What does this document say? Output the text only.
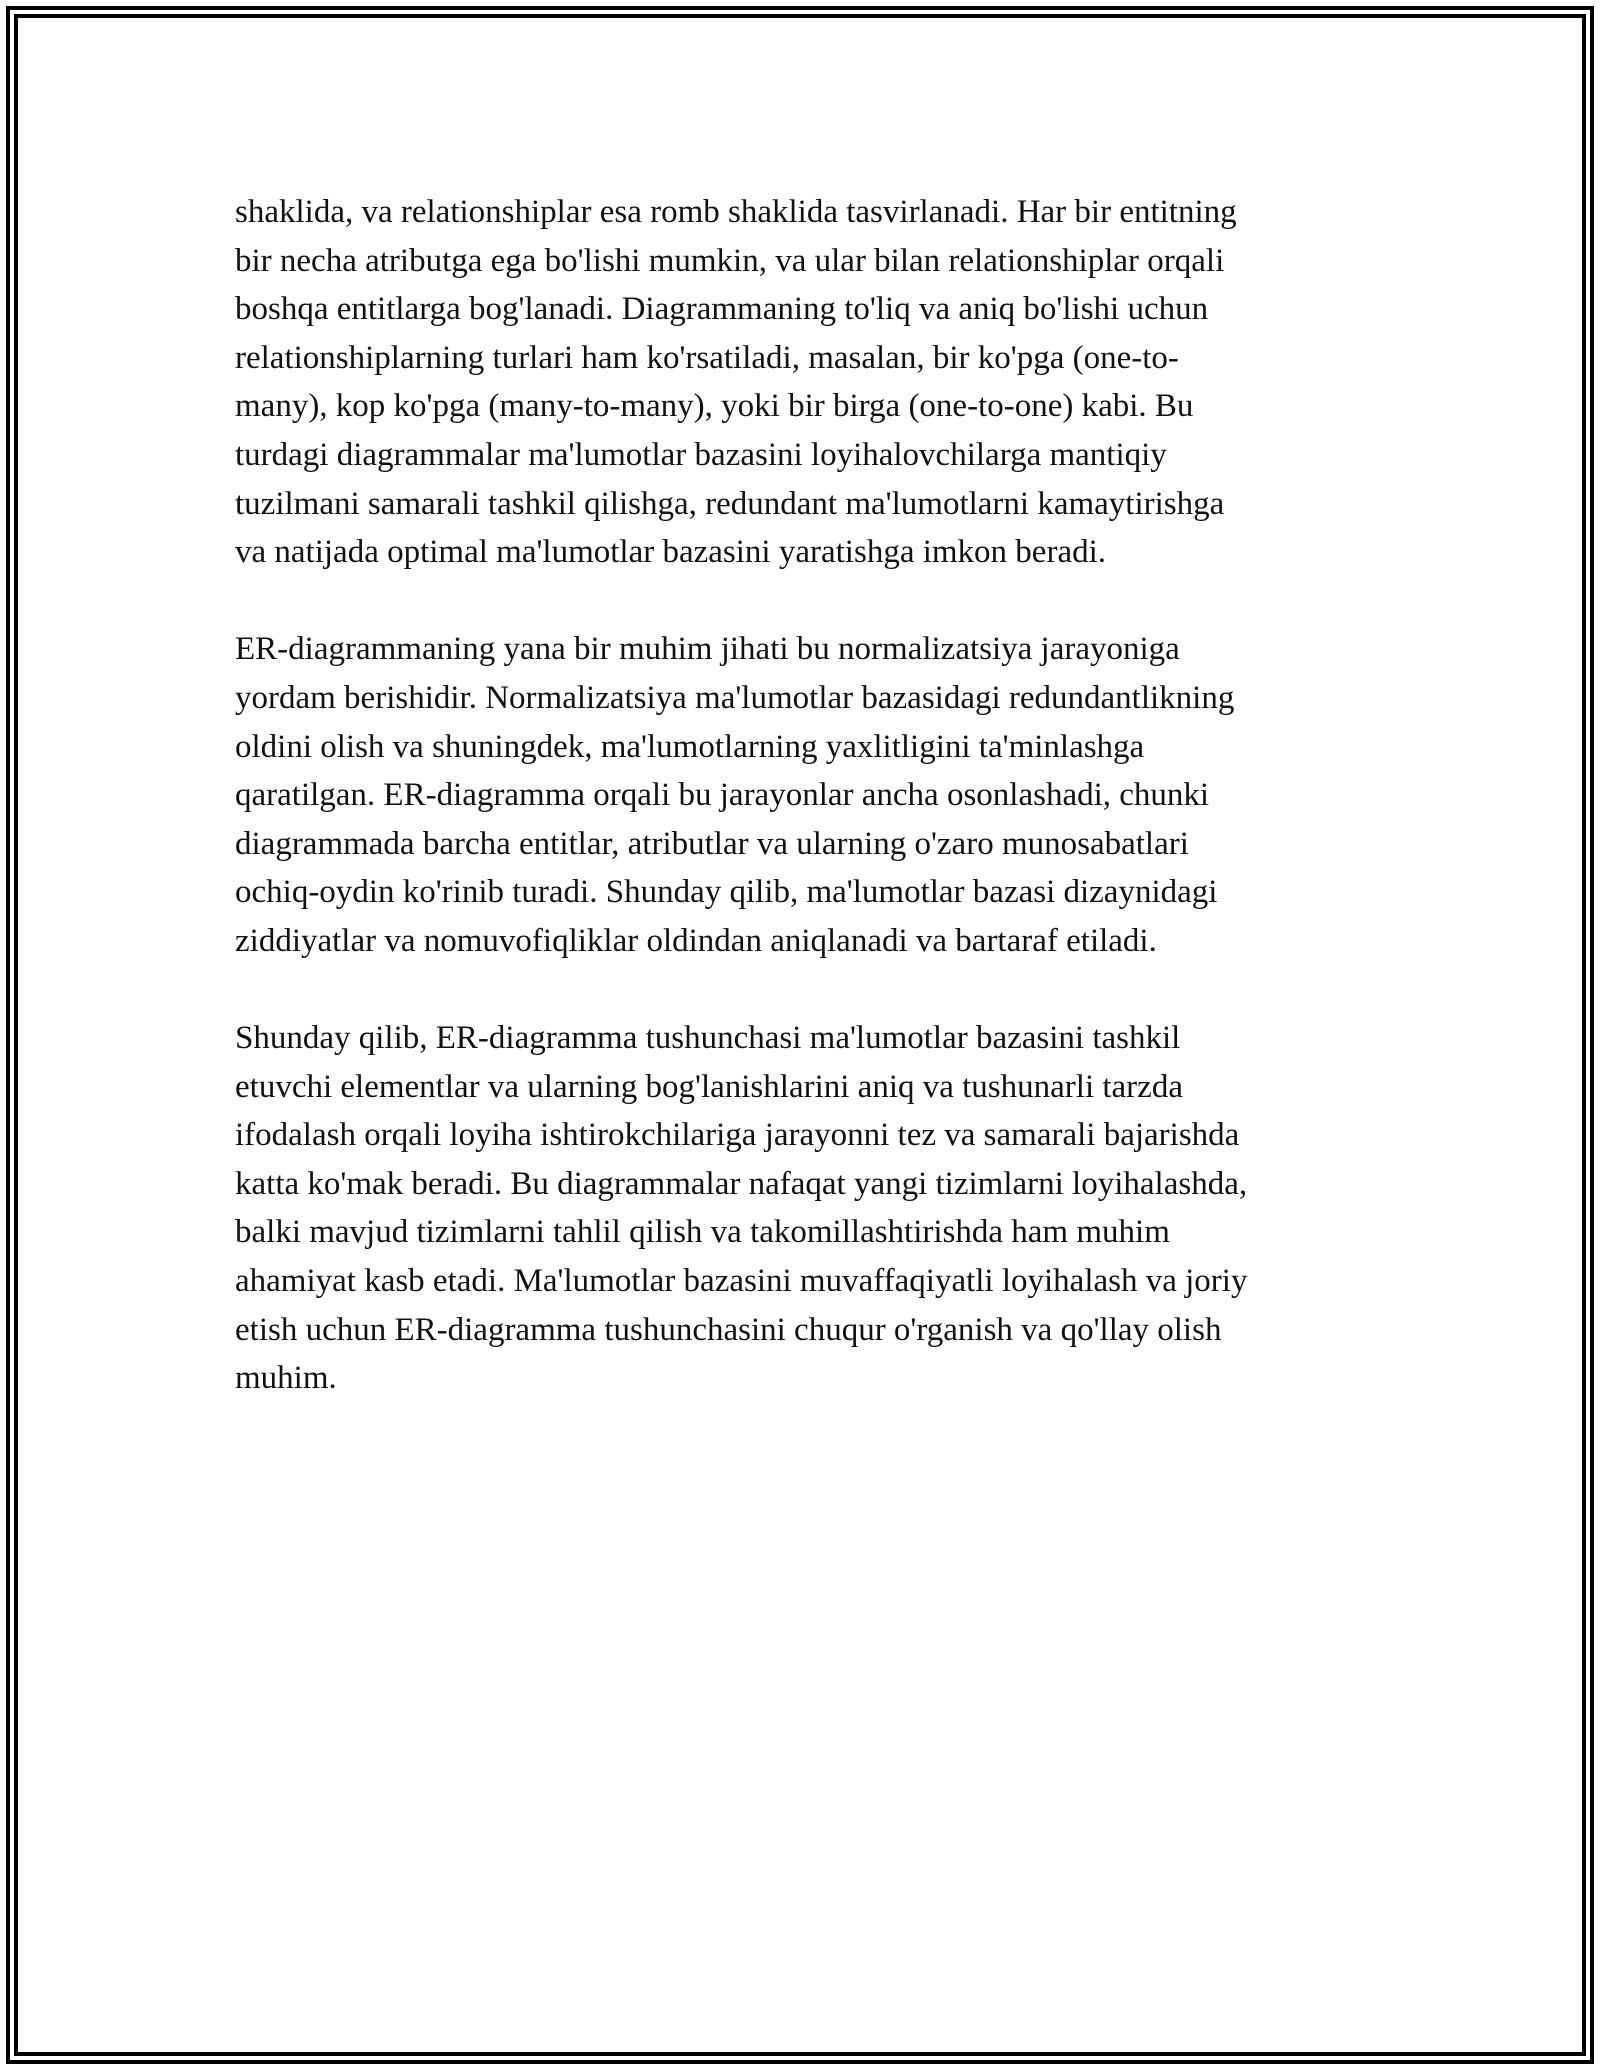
shaklida, va relationshiplar esa romb shaklida tasvirlanadi. Har bir entitning
bir necha atributga ega bo'lishi mumkin, va ular bilan relationshiplar orqali
boshqa entitlarga bog'lanadi. Diagrammaning to'liq va aniq bo'lishi uchun
relationshiplarning turlari ham ko'rsatiladi, masalan, bir ko'pga (one-to-
many), kop ko'pga (many-to-many), yoki bir birga (one-to-one) kabi. Bu
turdagi diagrammalar ma'lumotlar bazasini loyihalovchilarga mantiqiy
tuzilmani samarali tashkil qilishga, redundant ma'lumotlarni kamaytirishga
va natijada optimal ma'lumotlar bazasini yaratishga imkon beradi.

ER-diagrammaning yana bir muhim jihati bu normalizatsiya jarayoniga
yordam berishidir. Normalizatsiya ma'lumotlar bazasidagi redundantlikning
oldini olish va shuningdek, ma'lumotlarning yaxlitligini ta'minlashga
qaratilgan. ER-diagramma orqali bu jarayonlar ancha osonlashadi, chunki
diagrammada barcha entitlar, atributlar va ularning o'zaro munosabatlari
ochiq-oydin ko'rinib turadi. Shunday qilib, ma'lumotlar bazasi dizaynidagi
ziddiyatlar va nomuvofiqliklar oldindan aniqlanadi va bartaraf etiladi.

Shunday qilib, ER-diagramma tushunchasi ma'lumotlar bazasini tashkil
etuvchi elementlar va ularning bog'lanishlarini aniq va tushunarli tarzda
ifodalash orqali loyiha ishtirokchilariga jarayonni tez va samarali bajarishda
katta ko'mak beradi. Bu diagrammalar nafaqat yangi tizimlarni loyihalashda,
balki mavjud tizimlarni tahlil qilish va takomillashtirishda ham muhim
ahamiyat kasb etadi. Ma'lumotlar bazasini muvaffaqiyatli loyihalash va joriy
etish uchun ER-diagramma tushunchasini chuqur o'rganish va qo'llay olish
muhim.
